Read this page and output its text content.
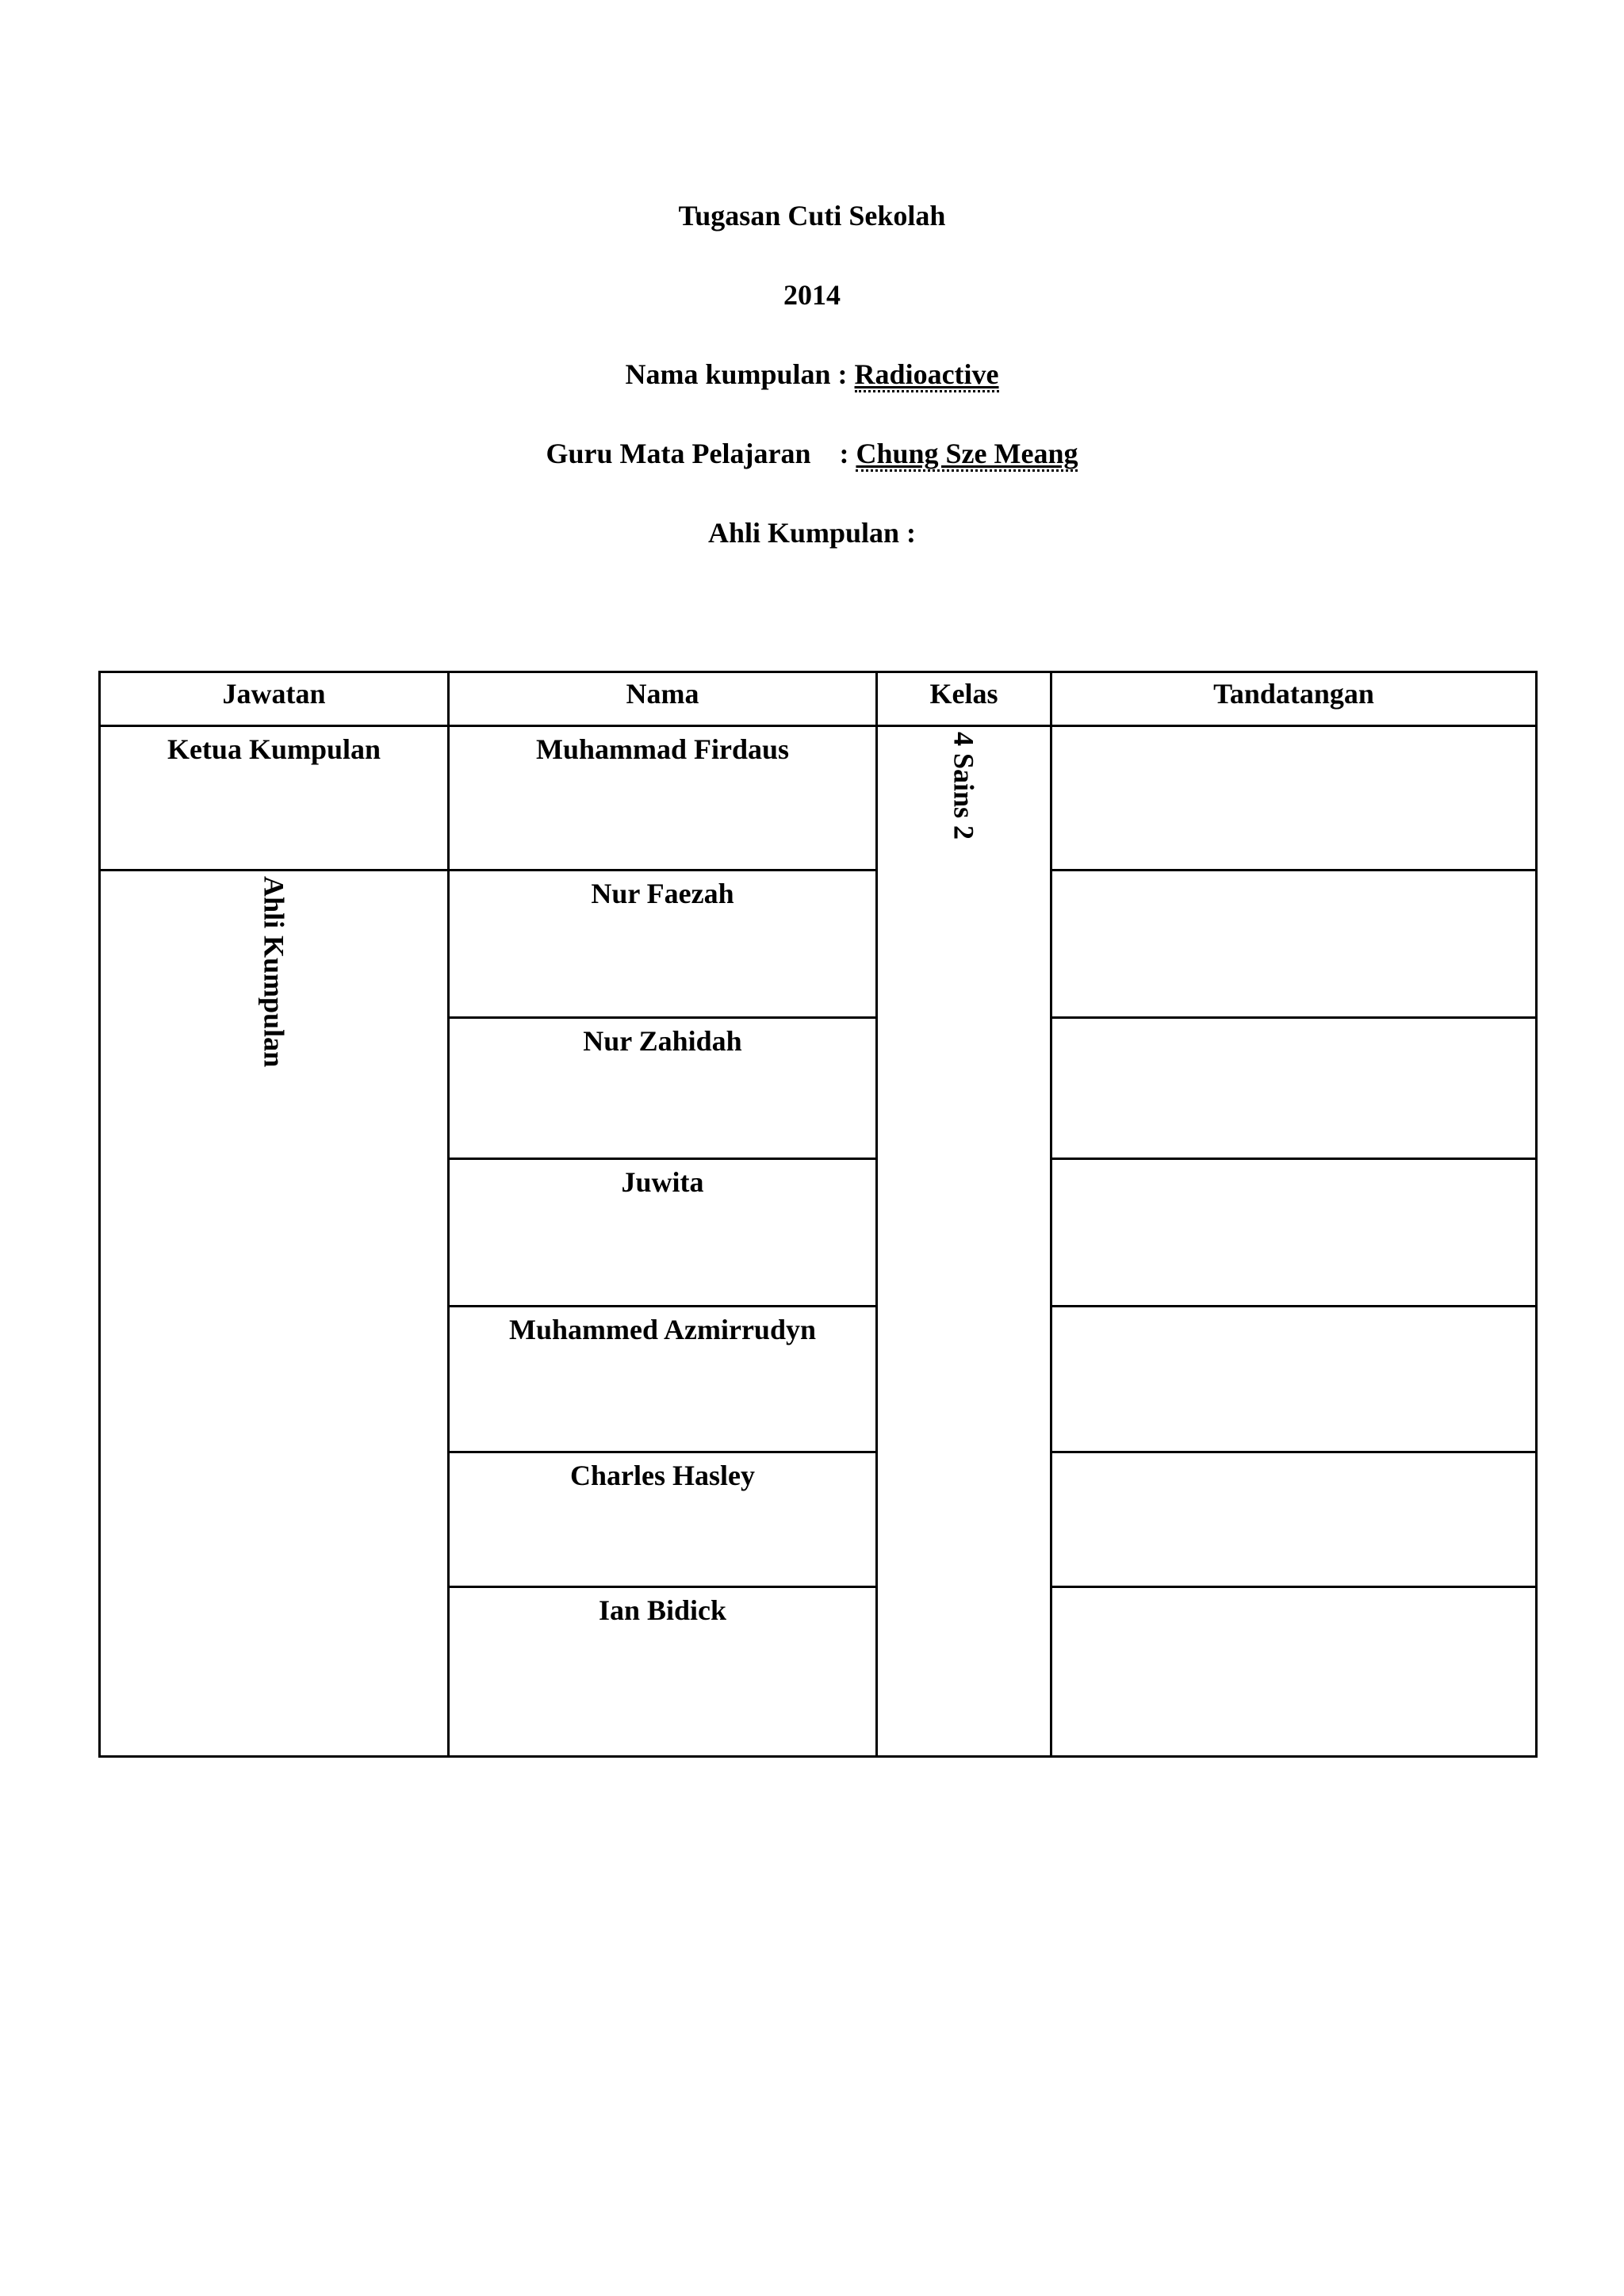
Tugasan Cuti Sekolah
2014
Nama kumpulan : Radioactive
Guru Mata Pelajaran    : Chung Sze Meang
Ahli Kumpulan :
Jawatan	Nama	Kelas	Tandatangan
Ketua Kumpulan	Muhammad Firdaus	4 Sains 2	
Ahli Kumpulan	Nur Faezah		
	Nur Zahidah		
	Juwita		
	Muhammed Azmirrudyn		
	Charles Hasley		
	Ian Bidick		
